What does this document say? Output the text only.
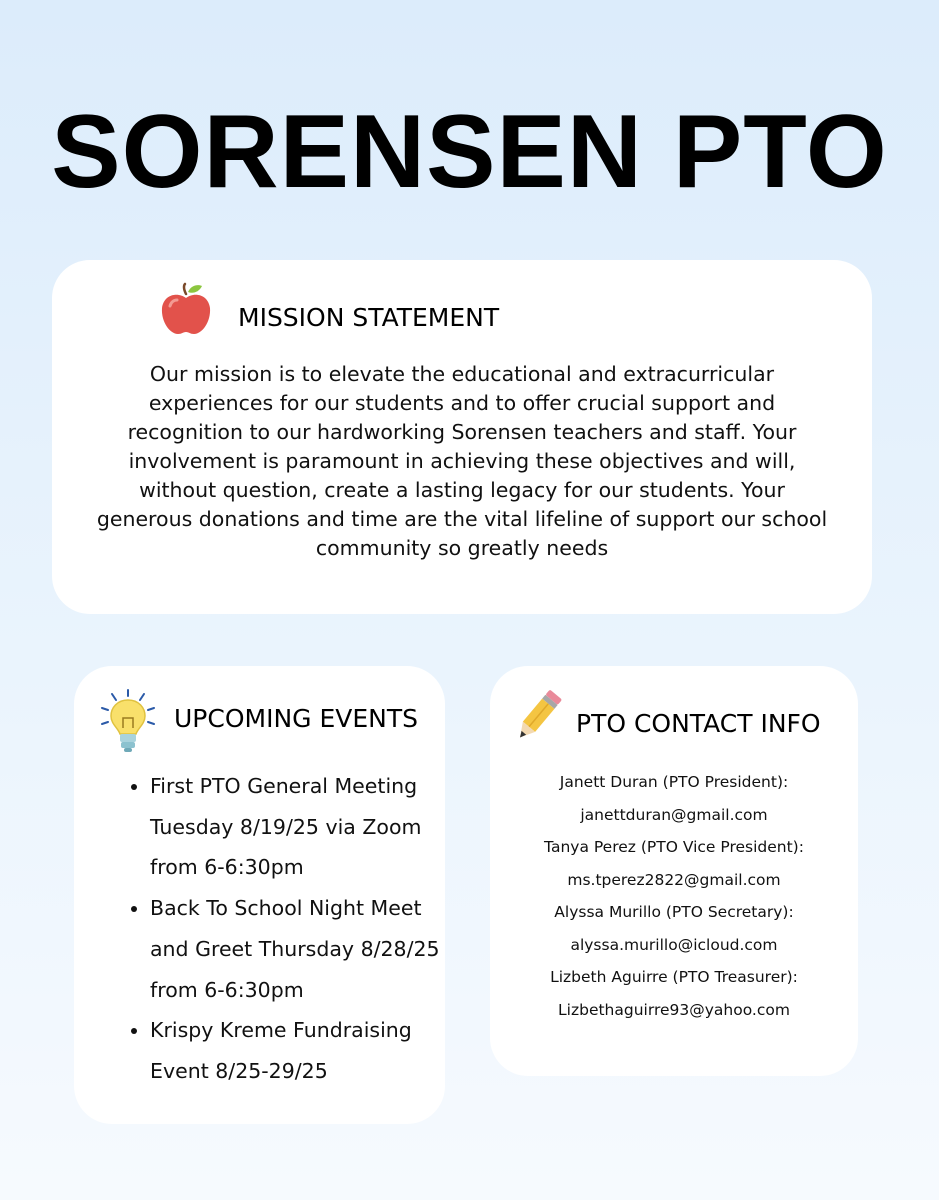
SORENSEN PTO
MISSION STATEMENT
Our mission is to elevate the educational and extracurricular experiences for our students and to offer crucial support and recognition to our hardworking Sorensen teachers and staff. Your involvement is paramount in achieving these objectives and will, without question, create a lasting legacy for our students. Your generous donations and time are the vital lifeline of support our school community so greatly needs
UPCOMING EVENTS
• First PTO General Meeting Tuesday 8/19/25 via Zoom from 6-6:30pm
• Back To School Night Meet and Greet Thursday 8/28/25 from 6-6:30pm
• Krispy Kreme Fundraising Event 8/25-29/25
PTO CONTACT INFO
Janett Duran (PTO President):
janettduran@gmail.com
Tanya Perez (PTO Vice President):
ms.tperez2822@gmail.com
Alyssa Murillo (PTO Secretary):
alyssa.murillo@icloud.com
Lizbeth Aguirre (PTO Treasurer):
Lizbethaguirre93@yahoo.com
